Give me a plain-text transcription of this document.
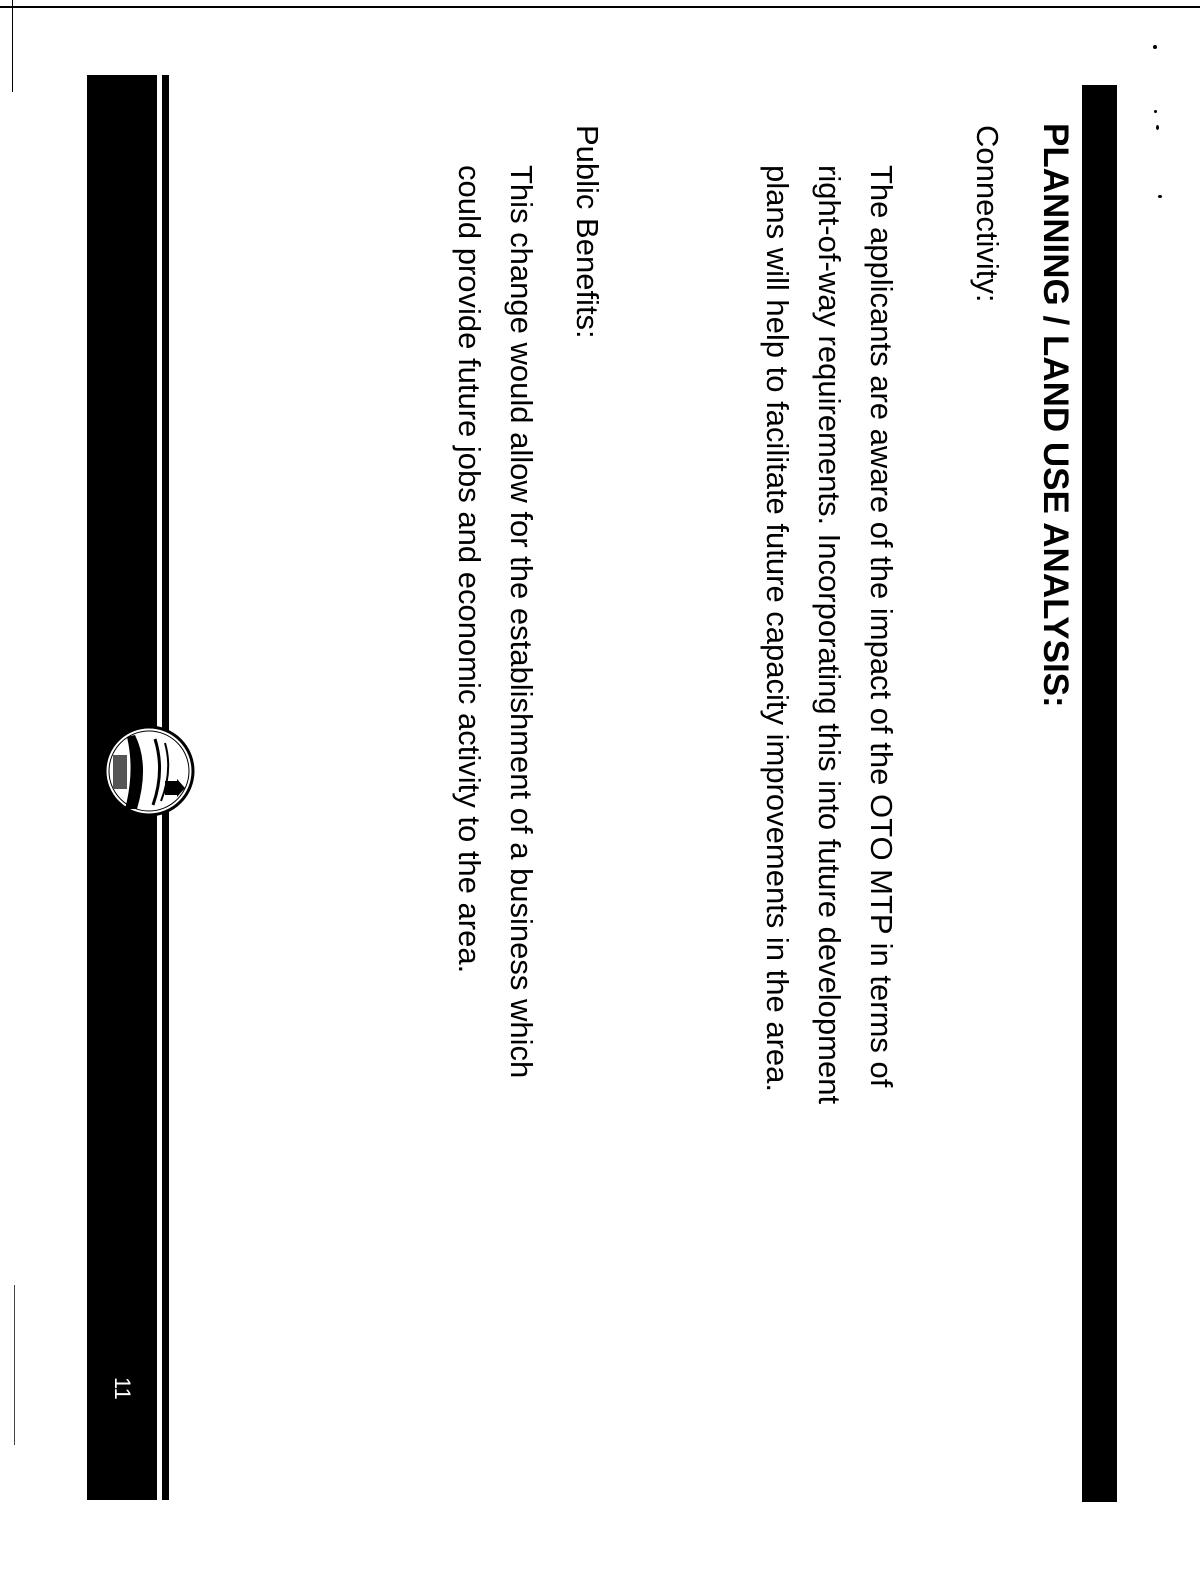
PLANNING / LAND USE ANALYSIS:
Connectivity:
The applicants are aware of the impact of the OTO MTP in terms of
right-of-way requirements. Incorporating this into future development
plans will help to facilitate future capacity improvements in the area.
Public Benefits:
This change would allow for the establishment of a business which
could provide future jobs and economic activity to the area.
11
